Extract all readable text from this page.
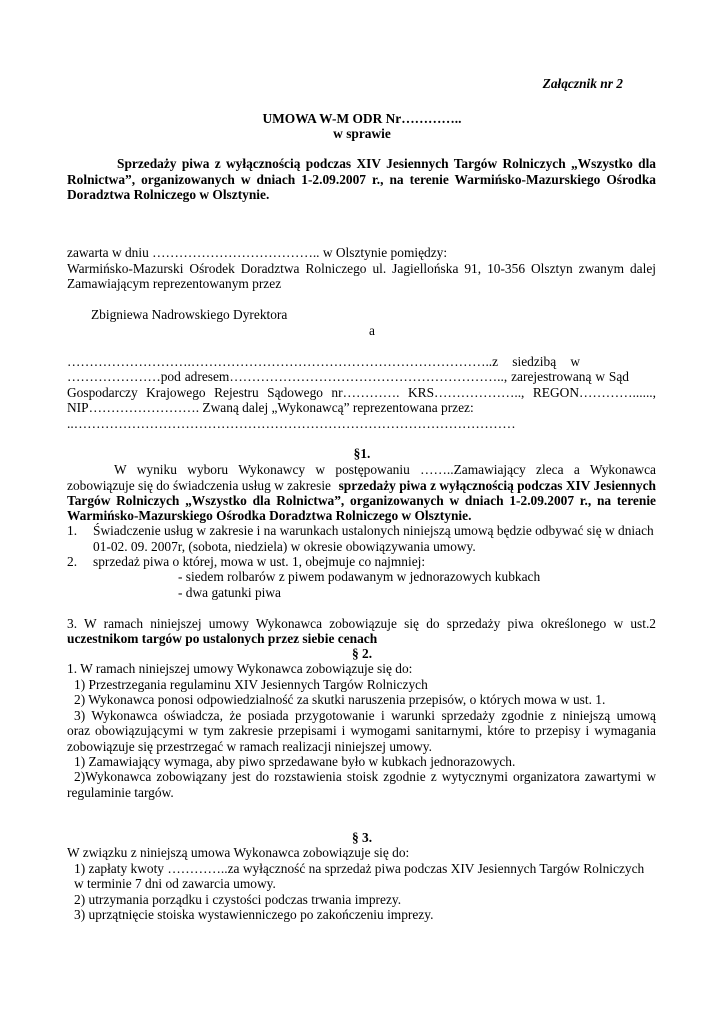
Załącznik nr 2
UMOWA W-M ODR Nr…………..
w sprawie
Sprzedaży piwa z wyłącznością podczas XIV Jesiennych Targów Rolniczych „Wszystko dla
Rolnictwa”, organizowanych w dniach 1-2.09.2007 r., na terenie Warmińsko-Mazurskiego Ośrodka
Doradztwa Rolniczego w Olsztynie.
zawarta w dniu ……………………………….. w Olsztynie pomiędzy:
Warmińsko-Mazurski Ośrodek Doradztwa Rolniczego ul. Jagiellońska 91, 10-356 Olsztyn zwanym dalej
Zamawiającym reprezentowanym przez
Zbigniewa Nadrowskiego Dyrektora
a
……………………….…………………………………………………………..z siedzibą w
…………………pod adresem…………………………………………………….., zarejestrowaną w Sąd
Gospodarczy Krajowego Rejestru Sądowego nr…………. KRS……………….., REGON…………......,
NIP……………………. Zwaną dalej „Wykonawcą” reprezentowana przez:
..………………………………………………………………………………………
§1.
W wyniku wyboru Wykonawcy w postępowaniu ……..Zamawiający zleca a Wykonawca
zobowiązuje się do świadczenia usług w zakresie sprzedaży piwa z wyłącznością podczas XIV Jesiennych
Targów Rolniczych „Wszystko dla Rolnictwa”, organizowanych w dniach 1-2.09.2007 r., na terenie
Warmińsko-Mazurskiego Ośrodka Doradztwa Rolniczego w Olsztynie.
1. Świadczenie usług w zakresie i na warunkach ustalonych niniejszą umową będzie odbywać się w dniach
01-02. 09. 2007r, (sobota, niedziela) w okresie obowiązywania umowy.
2. sprzedaż piwa o której, mowa w ust. 1, obejmuje co najmniej:
- siedem rolbarów z piwem podawanym w jednorazowych kubkach
- dwa gatunki piwa
3. W ramach niniejszej umowy Wykonawca zobowiązuje się do sprzedaży piwa określonego w ust.2
uczestnikom targów po ustalonych przez siebie cenach
§ 2.
1. W ramach niniejszej umowy Wykonawca zobowiązuje się do:
1) Przestrzegania regulaminu XIV Jesiennych Targów Rolniczych
2) Wykonawca ponosi odpowiedzialność za skutki naruszenia przepisów, o których mowa w ust. 1.
3) Wykonawca oświadcza, że posiada przygotowanie i warunki sprzedaży zgodnie z niniejszą umową
oraz obowiązującymi w tym zakresie przepisami i wymogami sanitarnymi, które to przepisy i wymagania
zobowiązuje się przestrzegać w ramach realizacji niniejszej umowy.
1) Zamawiający wymaga, aby piwo sprzedawane było w kubkach jednorazowych.
2)Wykonawca zobowiązany jest do rozstawienia stoisk zgodnie z wytycznymi organizatora zawartymi w
regulaminie targów.
§ 3.
W związku z niniejszą umowa Wykonawca zobowiązuje się do:
1) zapłaty kwoty …………..za wyłączność na sprzedaż piwa podczas XIV Jesiennych Targów Rolniczych
w terminie 7 dni od zawarcia umowy.
2) utrzymania porządku i czystości podczas trwania imprezy.
3) uprzątnięcie stoiska wystawienniczego po zakończeniu imprezy.
